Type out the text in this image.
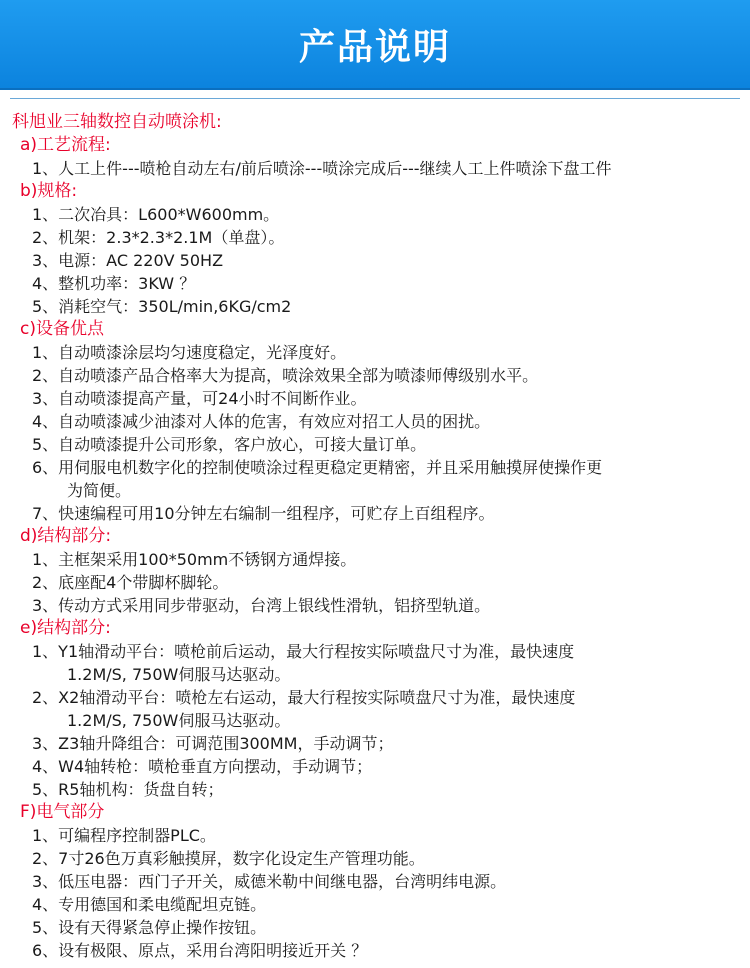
产品说明
科旭业三轴数控自动喷涂机:
a)工艺流程:
1、人工上件---喷枪自动左右/前后喷涂---喷涂完成后---继续人工上件喷涂下盘工件
b)规格:
1、二次冶具：L600*W600mm。
2、机架：2.3*2.3*2.1M（单盘）。
3、电源：AC 220V 50HZ
4、整机功率：3KW ？
5、消耗空气：350L/min,6KG/cm2
c)设备优点
1、自动喷漆涂层均匀速度稳定，光泽度好。
2、自动喷漆产品合格率大为提高，喷涂效果全部为喷漆师傅级别水平。
3、自动喷漆提高产量，可24小时不间断作业。
4、自动喷漆减少油漆对人体的危害，有效应对招工人员的困扰。
5、自动喷漆提升公司形象，客户放心，可接大量订单。
6、用伺服电机数字化的控制使喷涂过程更稳定更精密，并且采用触摸屏使操作更
为简便。
7、快速编程可用10分钟左右编制一组程序，可贮存上百组程序。
d)结构部分:
1、主框架采用100*50mm不锈钢方通焊接。
2、底座配4个带脚杯脚轮。
3、传动方式采用同步带驱动，台湾上银线性滑轨，铝挤型轨道。
e)结构部分:
1、Y1轴滑动平台：喷枪前后运动，最大行程按实际喷盘尺寸为准，最快速度
1.2M/S, 750W伺服马达驱动。
2、X2轴滑动平台：喷枪左右运动，最大行程按实际喷盘尺寸为准，最快速度
1.2M/S, 750W伺服马达驱动。
3、Z3轴升降组合：可调范围300MM，手动调节；
4、W4轴转枪：喷枪垂直方向摆动，手动调节；
5、R5轴机构：货盘自转；
F)电气部分
1、可编程序控制器PLC。
2、7寸26色万真彩触摸屏，数字化设定生产管理功能。
3、低压电器：西门子开关，威德米勒中间继电器，台湾明纬电源。
4、专用德国和柔电缆配坦克链。
5、设有天得紧急停止操作按钮。
6、设有极限、原点，采用台湾阳明接近开关 ？
